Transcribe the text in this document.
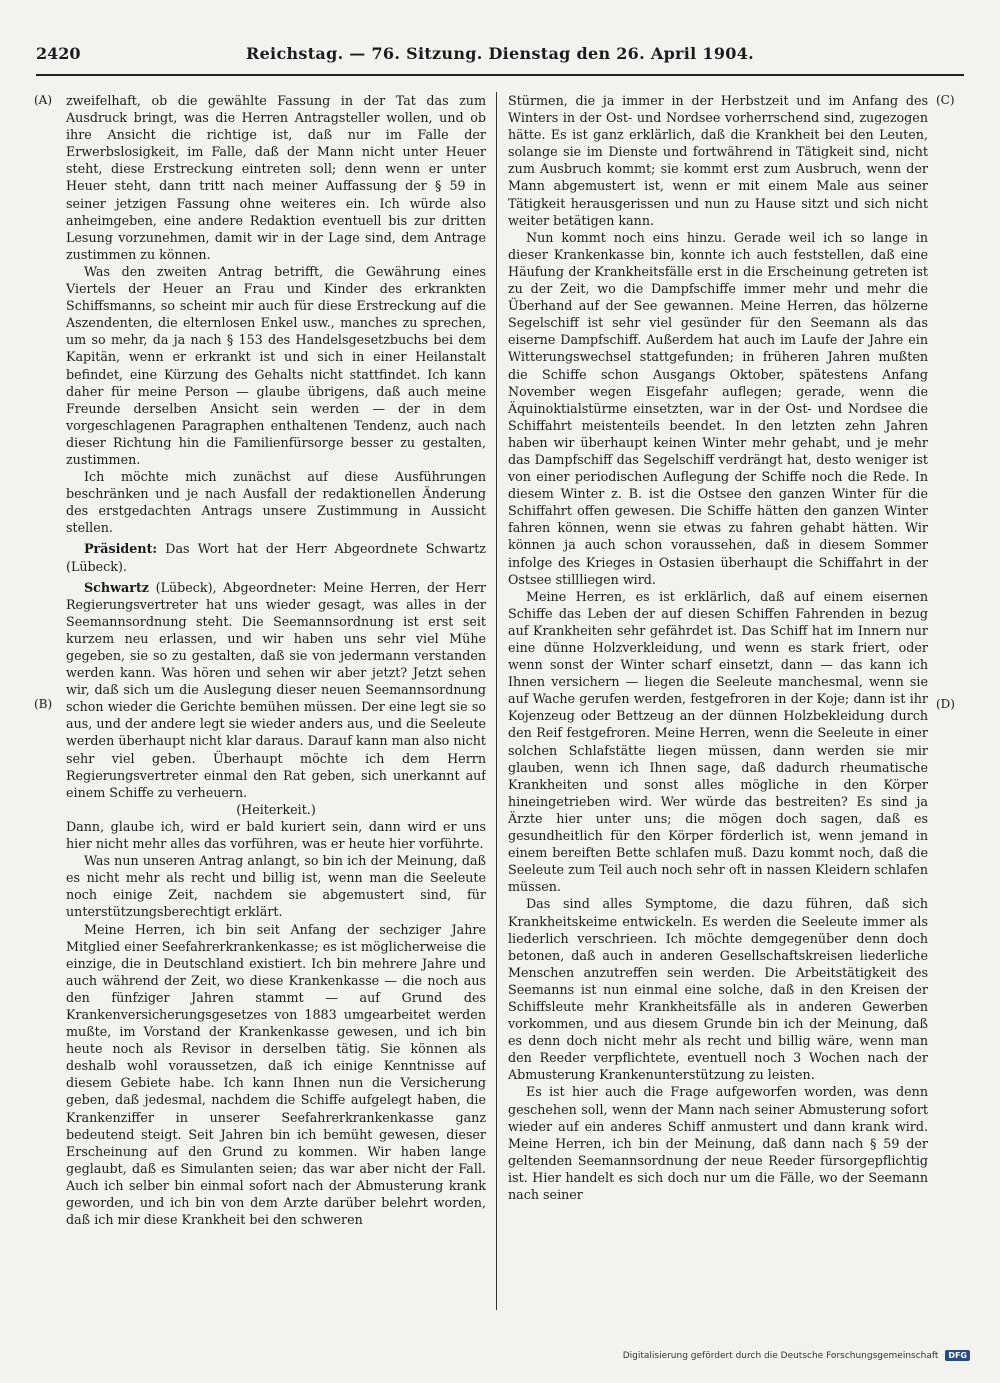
2420	Reichstag. — 76. Sitzung. Dienstag den 26. April 1904.
(A)
(B)
(C)
(D)

zweifelhaft, ob die gewählte Fassung in der Tat das zum Ausdruck bringt, was die Herren Antragsteller wollen, und ob ihre Ansicht die richtige ist, daß nur im Falle der Erwerbslosigkeit, im Falle, daß der Mann nicht unter Heuer steht, diese Erstreckung eintreten soll; denn wenn er unter Heuer steht, dann tritt nach meiner Auffassung der § 59 in seiner jetzigen Fassung ohne weiteres ein. Ich würde also anheimgeben, eine andere Redaktion eventuell bis zur dritten Lesung vorzunehmen, damit wir in der Lage sind, dem Antrage zustimmen zu können.

Was den zweiten Antrag betrifft, die Gewährung eines Viertels der Heuer an Frau und Kinder des erkrankten Schiffsmanns, so scheint mir auch für diese Erstreckung auf die Aszendenten, die elternlosen Enkel usw., manches zu sprechen, um so mehr, da ja nach § 153 des Handelsgesetzbuchs bei dem Kapitän, wenn er erkrankt ist und sich in einer Heilanstalt befindet, eine Kürzung des Gehalts nicht stattfindet. Ich kann daher für meine Person — glaube übrigens, daß auch meine Freunde derselben Ansicht sein werden — der in dem vorgeschlagenen Paragraphen enthaltenen Tendenz, auch nach dieser Richtung hin die Familienfürsorge besser zu gestalten, zustimmen.

Ich möchte mich zunächst auf diese Ausführungen beschränken und je nach Ausfall der redaktionellen Änderung des erstgedachten Antrags unsere Zustimmung in Aussicht stellen.

Präsident: Das Wort hat der Herr Abgeordnete Schwartz (Lübeck).

Schwartz (Lübeck), Abgeordneter: Meine Herren, der Herr Regierungsvertreter hat uns wieder gesagt, was alles in der Seemannsordnung steht. Die Seemannsordnung ist erst seit kurzem neu erlassen, und wir haben uns sehr viel Mühe gegeben, sie so zu gestalten, daß sie von jedermann verstanden werden kann. Was hören und sehen wir aber jetzt? Jetzt sehen wir, daß sich um die Auslegung dieser neuen Seemannsordnung schon wieder die Gerichte bemühen müssen. Der eine legt sie so aus, und der andere legt sie wieder anders aus, und die Seeleute werden überhaupt nicht klar daraus. Darauf kann man also nicht sehr viel geben. Überhaupt möchte ich dem Herrn Regierungsvertreter einmal den Rat geben, sich unerkannt auf einem Schiffe zu verheuern.

(Heiterkeit.)

Dann, glaube ich, wird er bald kuriert sein, dann wird er uns hier nicht mehr alles das vorführen, was er heute hier vorführte.

Was nun unseren Antrag anlangt, so bin ich der Meinung, daß es nicht mehr als recht und billig ist, wenn man die Seeleute noch einige Zeit, nachdem sie abgemustert sind, für unterstützungsberechtigt erklärt.

Meine Herren, ich bin seit Anfang der sechziger Jahre Mitglied einer Seefahrerkrankenkasse; es ist möglicherweise die einzige, die in Deutschland existiert. Ich bin mehrere Jahre und auch während der Zeit, wo diese Krankenkasse — die noch aus den fünfziger Jahren stammt — auf Grund des Krankenversicherungsgesetzes von 1883 umgearbeitet werden mußte, im Vorstand der Krankenkasse gewesen, und ich bin heute noch als Revisor in derselben tätig. Sie können als deshalb wohl voraussetzen, daß ich einige Kenntnisse auf diesem Gebiete habe. Ich kann Ihnen nun die Versicherung geben, daß jedesmal, nachdem die Schiffe aufgelegt haben, die Krankenziffer in unserer Seefahrerkrankenkasse ganz bedeutend steigt. Seit Jahren bin ich bemüht gewesen, dieser Erscheinung auf den Grund zu kommen. Wir haben lange geglaubt, daß es Simulanten seien; das war aber nicht der Fall. Auch ich selber bin einmal sofort nach der Abmusterung krank geworden, und ich bin von dem Arzte darüber belehrt worden, daß ich mir diese Krankheit bei den schweren

Stürmen, die ja immer in der Herbstzeit und im Anfang des Winters in der Ost- und Nordsee vorherrschend sind, zugezogen hätte. Es ist ganz erklärlich, daß die Krankheit bei den Leuten, solange sie im Dienste und fortwährend in Tätigkeit sind, nicht zum Ausbruch kommt; sie kommt erst zum Ausbruch, wenn der Mann abgemustert ist, wenn er mit einem Male aus seiner Tätigkeit herausgerissen und nun zu Hause sitzt und sich nicht weiter betätigen kann.

Nun kommt noch eins hinzu. Gerade weil ich so lange in dieser Krankenkasse bin, konnte ich auch feststellen, daß eine Häufung der Krankheitsfälle erst in die Erscheinung getreten ist zu der Zeit, wo die Dampfschiffe immer mehr und mehr die Überhand auf der See gewannen. Meine Herren, das hölzerne Segelschiff ist sehr viel gesünder für den Seemann als das eiserne Dampfschiff. Außerdem hat auch im Laufe der Jahre ein Witterungswechsel stattgefunden; in früheren Jahren mußten die Schiffe schon Ausgangs Oktober, spätestens Anfang November wegen Eisgefahr auflegen; gerade, wenn die Äquinoktialstürme einsetzten, war in der Ost- und Nordsee die Schiffahrt meistenteils beendet. In den letzten zehn Jahren haben wir überhaupt keinen Winter mehr gehabt, und je mehr das Dampfschiff das Segelschiff verdrängt hat, desto weniger ist von einer periodischen Auflegung der Schiffe noch die Rede. In diesem Winter z. B. ist die Ostsee den ganzen Winter für die Schiffahrt offen gewesen. Die Schiffe hätten den ganzen Winter fahren können, wenn sie etwas zu fahren gehabt hätten. Wir können ja auch schon voraussehen, daß in diesem Sommer infolge des Krieges in Ostasien überhaupt die Schiffahrt in der Ostsee stillliegen wird.

Meine Herren, es ist erklärlich, daß auf einem eisernen Schiffe das Leben der auf diesen Schiffen Fahrenden in bezug auf Krankheiten sehr gefährdet ist. Das Schiff hat im Innern nur eine dünne Holzverkleidung, und wenn es stark friert, oder wenn sonst der Winter scharf einsetzt, dann — das kann ich Ihnen versichern — liegen die Seeleute manchesmal, wenn sie auf Wache gerufen werden, festgefroren in der Koje; dann ist ihr Kojenzeug oder Bettzeug an der dünnen Holzbekleidung durch den Reif festgefroren. Meine Herren, wenn die Seeleute in einer solchen Schlafstätte liegen müssen, dann werden sie mir glauben, wenn ich Ihnen sage, daß dadurch rheumatische Krankheiten und sonst alles mögliche in den Körper hineingetrieben wird. Wer würde das bestreiten? Es sind ja Ärzte hier unter uns; die mögen doch sagen, daß es gesundheitlich für den Körper förderlich ist, wenn jemand in einem bereiften Bette schlafen muß. Dazu kommt noch, daß die Seeleute zum Teil auch noch sehr oft in nassen Kleidern schlafen müssen.

Das sind alles Symptome, die dazu führen, daß sich Krankheitskeime entwickeln. Es werden die Seeleute immer als liederlich verschrieen. Ich möchte demgegenüber denn doch betonen, daß auch in anderen Gesellschaftskreisen liederliche Menschen anzutreffen sein werden. Die Arbeitstätigkeit des Seemanns ist nun einmal eine solche, daß in den Kreisen der Schiffsleute mehr Krankheitsfälle als in anderen Gewerben vorkommen, und aus diesem Grunde bin ich der Meinung, daß es denn doch nicht mehr als recht und billig wäre, wenn man den Reeder verpflichtete, eventuell noch 3 Wochen nach der Abmusterung Krankenunterstützung zu leisten.

Es ist hier auch die Frage aufgeworfen worden, was denn geschehen soll, wenn der Mann nach seiner Abmusterung sofort wieder auf ein anderes Schiff anmustert und dann krank wird. Meine Herren, ich bin der Meinung, daß dann nach § 59 der geltenden Seemannsordnung der neue Reeder fürsorgepflichtig ist. Hier handelt es sich doch nur um die Fälle, wo der Seemann nach seiner

Digitalisierung gefördert durch die Deutsche Forschungsgemeinschaft DFG
